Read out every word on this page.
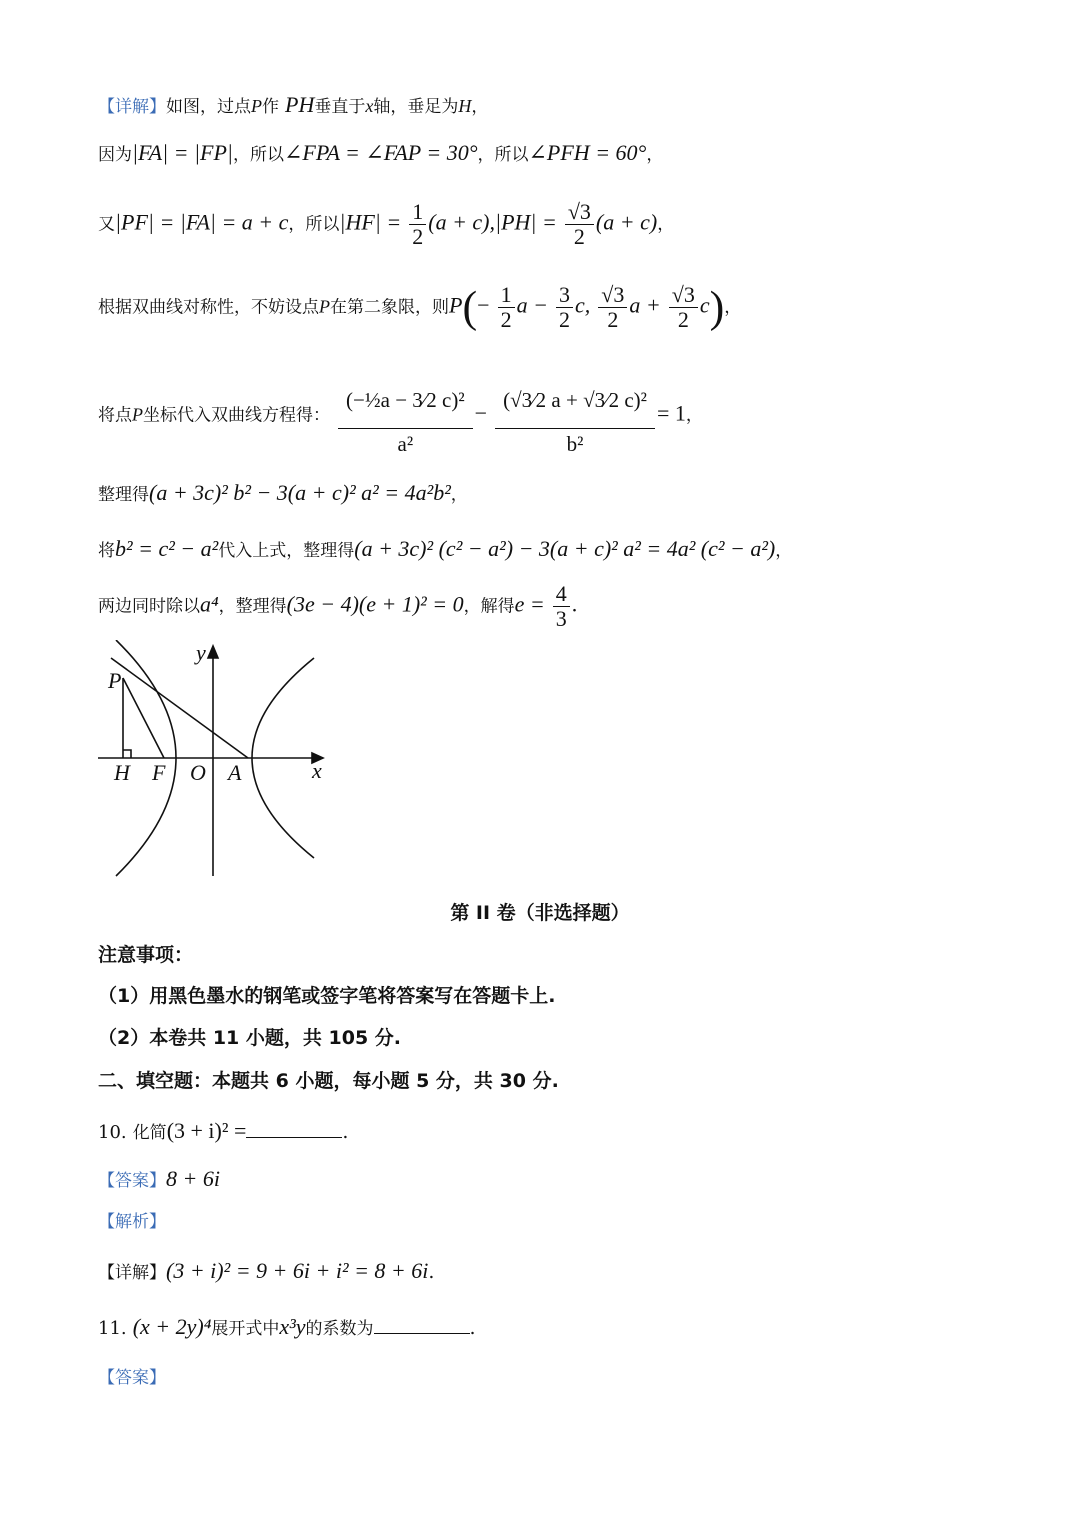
【详解】如图，过点P作 PH垂直于x轴，垂足为H，
因为|FA| = |FP|，所以∠FPA = ∠FAP = 30°，所以∠PFH = 60°，
又|PF| = |FA| = a + c，所以$|HF| = \frac{1}{2} (a + c),|PH| = \frac{√3}{2} (a + c)$，
根据双曲线对称性，不妨设点P在第二象限，则$P(- \frac{1}{2}$ $a - \frac{3}{2} c$, $\frac{√3}{2}$ $a + \frac{√3}{2} c$)，
将点P坐标代入双曲线方程得： $\frac{\text{(−½a − 3⁄2 c)²}}{\text{a²}} - \frac{\text{(√3⁄2 a + √3⁄2 c)²}}{\text{b²}} = 1$，
整理得(a + 3c)² b² − 3(a + c)² a² = 4a²b²，
将b² = c² − a²代入上式，整理得(a + 3c)² (c² − a²) − 3(a + c)² a² = 4a² (c² − a²)，
两边同时除以a⁴，整理得(3e − 4)(e + 1)² = 0，解得$e = \frac{4}{3}$ .
y
x
P
H F O A
第 II 卷（非选择题）
注意事项：
（1）用黑色墨水的钢笔或签字笔将答案写在答题卡上.
（2）本卷共 11 小题，共 105 分.
二、填空题：本题共 6 小题，每小题 5 分，共 30 分.
10. 化简(3 + i)² =	.
【答案】8 + 6i
【解析】
【详解】(3 + i)² = 9 + 6i + i² = 8 + 6i.
11. (x + 2y)⁴展开式中x³y的系数为	.
【答案】
